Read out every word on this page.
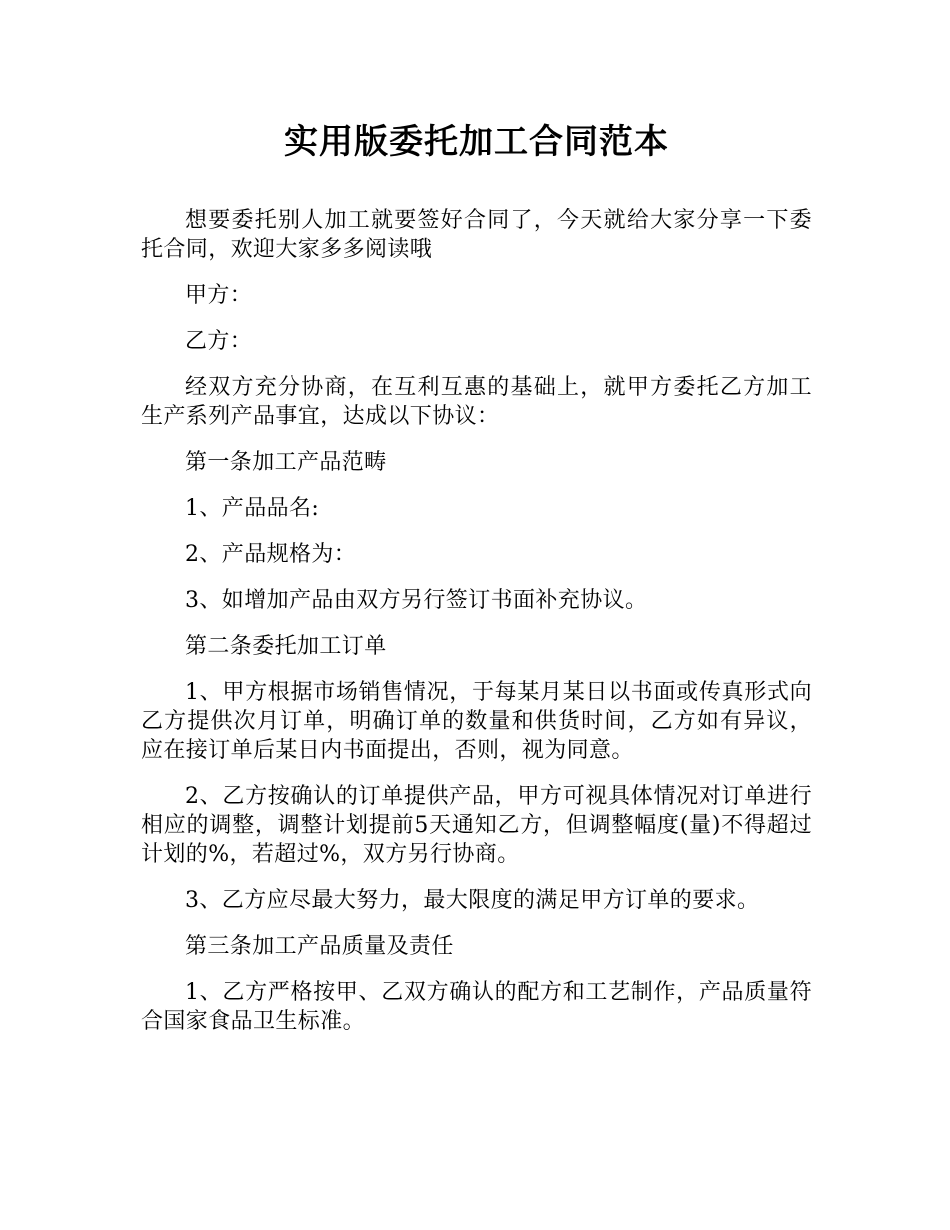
实用版委托加工合同范本

想要委托别人加工就要签好合同了，今天就给大家分享一下委托合同，欢迎大家多多阅读哦

甲方：

乙方：

经双方充分协商，在互利互惠的基础上，就甲方委托乙方加工生产系列产品事宜，达成以下协议：

第一条加工产品范畴

1、产品品名:

2、产品规格为：

3、如增加产品由双方另行签订书面补充协议。

第二条委托加工订单

1、甲方根据市场销售情况，于每某月某日以书面或传真形式向乙方提供次月订单，明确订单的数量和供货时间，乙方如有异议，应在接订单后某日内书面提出，否则，视为同意。

2、乙方按确认的订单提供产品，甲方可视具体情况对订单进行相应的调整，调整计划提前5天通知乙方，但调整幅度(量)不得超过计划的%，若超过%，双方另行协商。

3、乙方应尽最大努力，最大限度的满足甲方订单的要求。

第三条加工产品质量及责任

1、乙方严格按甲、乙双方确认的配方和工艺制作，产品质量符合国家食品卫生标准。
